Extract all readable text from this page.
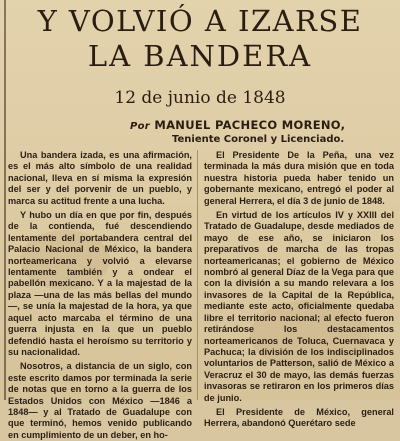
Y VOLVIÓ A IZARSE
LA BANDERA
12 de junio de 1848
Por MANUEL PACHECO MORENO,
Teniente Coronel y Licenciado.

Una bandera izada, es una afirmación, es el más alto símbolo de una realidad nacional, lleva en sí misma la expresión del ser y del porvenir de un pueblo, y marca su actitud frente a una lucha.

Y hubo un día en que por fin, después de la contienda, fué descendiendo lentamente del portabandera central del Palacio Nacional de México, la bandera norteamericana y volvió a elevarse lentamente también y a ondear el pabellón mexicano. Y a la majestad de la plaza —una de las más bellas del mundo—, se unía la majestad de la hora, ya que aquel acto marcaba el término de una guerra injusta en la que un pueblo defendió hasta el heroísmo su territorio y su nacionalidad.

Nosotros, a distancia de un siglo, con este escrito damos por terminada la serie de notas que en torno a la guerra de los Estados Unidos con México —1846 a 1848— y al Tratado de Guadalupe con que terminó, hemos venido publicando en cumplimiento de un deber, en ho-

El Presidente De la Peña, una vez terminada la más dura misión que en toda nuestra historia pueda haber tenido un gobernante mexicano, entregó el poder al general Herrera, el día 3 de junio de 1848.

En virtud de los artículos IV y XXIII del Tratado de Guadalupe, desde mediados de mayo de ese año, se iniciaron los preparativos de marcha de las tropas norteamericanas; el gobierno de México nombró al general Díaz de la Vega para que con la división a su mando relevara a los invasores de la Capital de la República, mediante este acto, oficialmente quedaba libre el territorio nacional; al efecto fueron retirándose los destacamentos norteamericanos de Toluca, Cuernavaca y Pachuca; la división de los indisciplinados voluntarios de Patterson, salió de México a Veracruz el 30 de mayo, las demás fuerzas invasoras se retiraron en los primeros días de junio.

El Presidente de México, general Herrera, abandonó Querétaro sede
